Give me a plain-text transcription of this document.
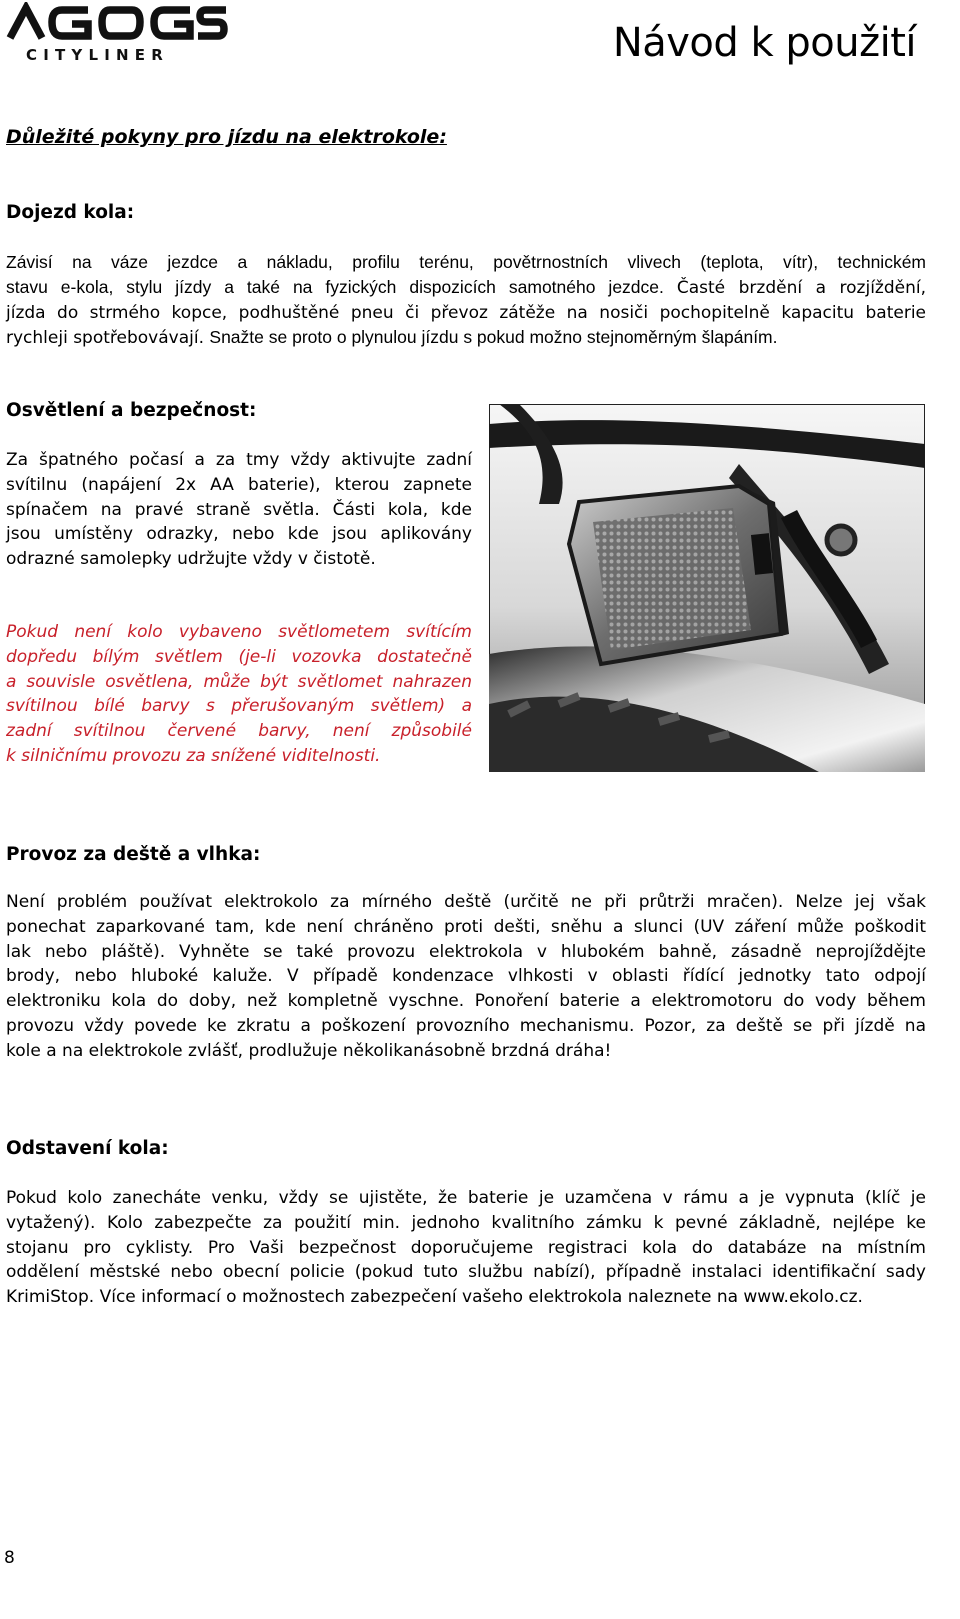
CITYLINER	Návod k použití
Důležité pokyny pro jízdu na elektrokole:
Dojezd kola:
Závisí na váze jezdce a nákladu, profilu terénu, povětrnostních vlivech (teplota, vítr), technickém
stavu e-kola, stylu jízdy a také na fyzických dispozicích samotného jezdce. Časté brzdění a rozjíždění,
jízda do strmého kopce, podhuštěné pneu či převoz zátěže na nosiči pochopitelně kapacitu baterie
rychleji spotřebovávají. Snažte se proto o plynulou jízdu s pokud možno stejnoměrným šlapáním.
Osvětlení a bezpečnost:
Za špatného počasí a za tmy vždy aktivujte zadní
svítilnu (napájení 2x AA baterie), kterou zapnete
spínačem na pravé straně světla. Části kola, kde
jsou umístěny odrazky, nebo kde jsou aplikovány
odrazné samolepky udržujte vždy v čistotě.
Pokud není kolo vybaveno světlometem svítícím
dopředu bílým světlem (je-li vozovka dostatečně
a souvisle osvětlena, může být světlomet nahrazen
svítilnou bílé barvy s přerušovaným světlem) a
zadní svítilnou červené barvy, není způsobilé
k silničnímu provozu za snížené viditelnosti.
Provoz za deště a vlhka:
Není problém používat elektrokolo za mírného deště (určitě ne při průtrži mračen). Nelze jej však
ponechat zaparkované tam, kde není chráněno proti dešti, sněhu a slunci (UV záření může poškodit
lak nebo pláště). Vyhněte se také provozu elektrokola v hlubokém bahně, zásadně neprojíždějte
brody, nebo hluboké kaluže. V případě kondenzace vlhkosti v oblasti řídící jednotky tato odpojí
elektroniku kola do doby, než kompletně vyschne. Ponoření baterie a elektromotoru do vody během
provozu vždy povede ke zkratu a poškození provozního mechanismu. Pozor, za deště se při jízdě na
kole a na elektrokole zvlášť, prodlužuje několikanásobně brzdná dráha!
Odstavení kola:
Pokud kolo zanecháte venku, vždy se ujistěte, že baterie je uzamčena v rámu a je vypnuta (klíč je
vytažený). Kolo zabezpečte za použití min. jednoho kvalitního zámku k pevné základně, nejlépe ke
stojanu pro cyklisty. Pro Vaši bezpečnost doporučujeme registraci kola do databáze na místním
oddělení městské nebo obecní policie (pokud tuto službu nabízí), případně instalaci identifikační sady
KrimiStop. Více informací o možnostech zabezpečení vašeho elektrokola naleznete na www.ekolo.cz.
8
